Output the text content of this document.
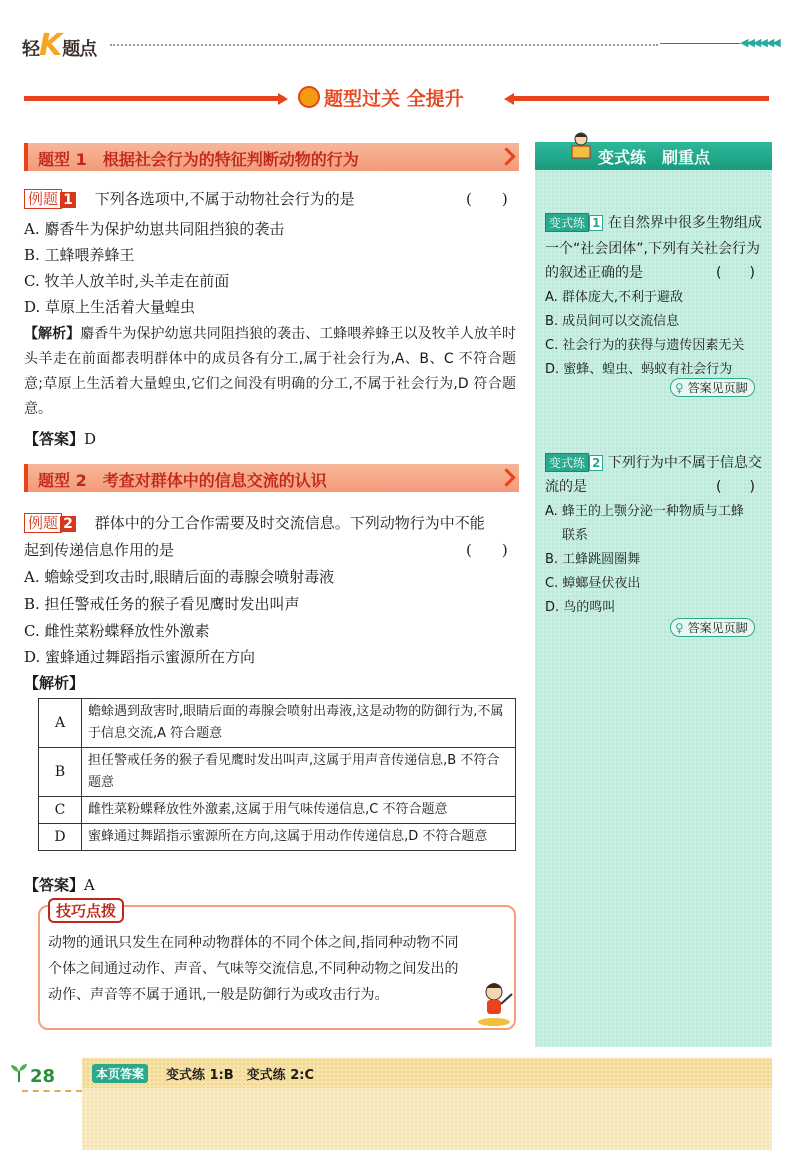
轻K题点	◀◀◀◀◀◀
题型过关 全提升
题型 1　根据社会行为的特征判断动物的行为
例题 1 下列各选项中,不属于动物社会行为的是	(　　)
A. 麝香牛为保护幼崽共同阻挡狼的袭击
B. 工蜂喂养蜂王
C. 牧羊人放羊时,头羊走在前面
D. 草原上生活着大量蝗虫
【解析】麝香牛为保护幼崽共同阻挡狼的袭击、工蜂喂养蜂王以及牧羊人放羊时头羊走在前面都表明群体中的成员各有分工,属于社会行为,A、B、C 不符合题意;草原上生活着大量蝗虫,它们之间没有明确的分工,不属于社会行为,D 符合题意。
【答案】D
题型 2　考查对群体中的信息交流的认识
例题 2 群体中的分工合作需要及时交流信息。下列动物行为中不能
起到传递信息作用的是	(　　)
A. 蟾蜍受到攻击时,眼睛后面的毒腺会喷射毒液
B. 担任警戒任务的猴子看见鹰时发出叫声
C. 雌性菜粉蝶释放性外激素
D. 蜜蜂通过舞蹈指示蜜源所在方向
【解析】
A	蟾蜍遇到敌害时,眼睛后面的毒腺会喷射出毒液,这是动物的防御行为,不属于信息交流,A 符合题意
B	担任警戒任务的猴子看见鹰时发出叫声,这属于用声音传递信息,B 不符合题意
C	雌性菜粉蝶释放性外激素,这属于用气味传递信息,C 不符合题意
D	蜜蜂通过舞蹈指示蜜源所在方向,这属于用动作传递信息,D 不符合题意
【答案】A
技巧点拨
动物的通讯只发生在同种动物群体的不同个体之间,指同种动物不同个体之间通过动作、声音、气味等交流信息,不同种动物之间发出的动作、声音等不属于通讯,一般是防御行为或攻击行为。
变式练　刷重点
变式练 1 在自然界中很多生物组成
一个“社会团体”,下列有关社会行为
的叙述正确的是	(　　)
A. 群体庞大,不利于避敌
B. 成员间可以交流信息
C. 社会行为的获得与遗传因素无关
D. 蜜蜂、蝗虫、蚂蚁有社会行为
♀ 答案见页脚
变式练 2 下列行为中不属于信息交
流的是	(　　)
A. 蜂王的上颚分泌一种物质与工蜂
联系
B. 工蜂跳圆圈舞
C. 蟑螂昼伏夜出
D. 鸟的鸣叫
♀ 答案见页脚
28	本页答案	变式练 1:B　变式练 2:C
